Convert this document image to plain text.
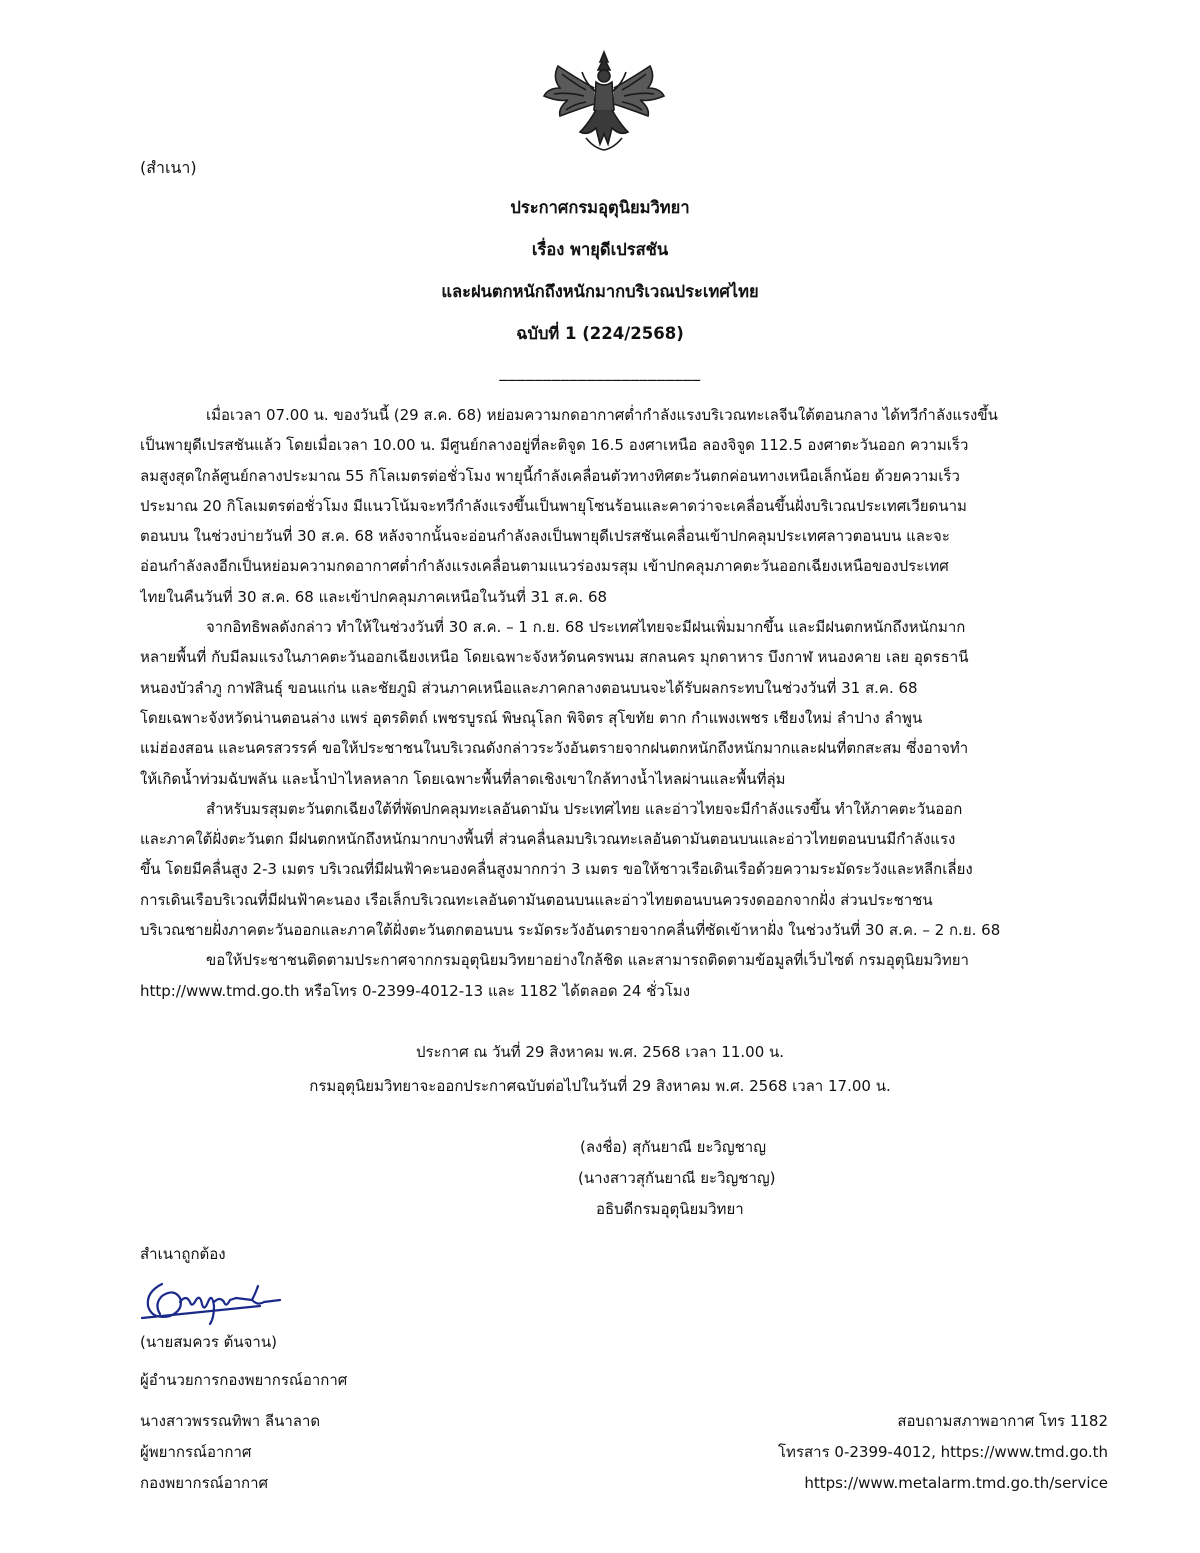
(สำเนา)
ประกาศกรมอุตุนิยมวิทยา
เรื่อง พายุดีเปรสชัน
และฝนตกหนักถึงหนักมากบริเวณประเทศไทย
ฉบับที่ 1 (224/2568)
_______________________

เมื่อเวลา 07.00 น. ของวันนี้ (29 ส.ค. 68) หย่อมความกดอากาศต่ำกำลังแรงบริเวณทะเลจีนใต้ตอนกลาง ได้ทวีกำลังแรงขึ้น
เป็นพายุดีเปรสชันแล้ว โดยเมื่อเวลา 10.00 น. มีศูนย์กลางอยู่ที่ละติจูด 16.5 องศาเหนือ ลองจิจูด 112.5 องศาตะวันออก ความเร็ว
ลมสูงสุดใกล้ศูนย์กลางประมาณ 55 กิโลเมตรต่อชั่วโมง พายุนี้กำลังเคลื่อนตัวทางทิศตะวันตกค่อนทางเหนือเล็กน้อย ด้วยความเร็ว
ประมาณ 20 กิโลเมตรต่อชั่วโมง มีแนวโน้มจะทวีกำลังแรงขึ้นเป็นพายุโซนร้อนและคาดว่าจะเคลื่อนขึ้นฝั่งบริเวณประเทศเวียดนาม
ตอนบน ในช่วงบ่ายวันที่ 30 ส.ค. 68 หลังจากนั้นจะอ่อนกำลังลงเป็นพายุดีเปรสชันเคลื่อนเข้าปกคลุมประเทศลาวตอนบน และจะ
อ่อนกำลังลงอีกเป็นหย่อมความกดอากาศต่ำกำลังแรงเคลื่อนตามแนวร่องมรสุม เข้าปกคลุมภาคตะวันออกเฉียงเหนือของประเทศ
ไทยในคืนวันที่ 30 ส.ค. 68 และเข้าปกคลุมภาคเหนือในวันที่ 31 ส.ค. 68

จากอิทธิพลดังกล่าว ทำให้ในช่วงวันที่ 30 ส.ค. – 1 ก.ย. 68 ประเทศไทยจะมีฝนเพิ่มมากขึ้น และมีฝนตกหนักถึงหนักมาก
หลายพื้นที่ กับมีลมแรงในภาคตะวันออกเฉียงเหนือ โดยเฉพาะจังหวัดนครพนม สกลนคร มุกดาหาร บึงกาฬ หนองคาย เลย อุดรธานี
หนองบัวลำภู กาฬสินธุ์ ขอนแก่น และชัยภูมิ ส่วนภาคเหนือและภาคกลางตอนบนจะได้รับผลกระทบในช่วงวันที่ 31 ส.ค. 68
โดยเฉพาะจังหวัดน่านตอนล่าง แพร่ อุตรดิตถ์ เพชรบูรณ์ พิษณุโลก พิจิตร สุโขทัย ตาก กำแพงเพชร เชียงใหม่ ลำปาง ลำพูน
แม่ฮ่องสอน และนครสวรรค์ ขอให้ประชาชนในบริเวณดังกล่าวระวังอันตรายจากฝนตกหนักถึงหนักมากและฝนที่ตกสะสม ซึ่งอาจทำ
ให้เกิดน้ำท่วมฉับพลัน และน้ำป่าไหลหลาก โดยเฉพาะพื้นที่ลาดเชิงเขาใกล้ทางน้ำไหลผ่านและพื้นที่ลุ่ม

สำหรับมรสุมตะวันตกเฉียงใต้ที่พัดปกคลุมทะเลอันดามัน ประเทศไทย และอ่าวไทยจะมีกำลังแรงขึ้น ทำให้ภาคตะวันออก
และภาคใต้ฝั่งตะวันตก มีฝนตกหนักถึงหนักมากบางพื้นที่ ส่วนคลื่นลมบริเวณทะเลอันดามันตอนบนและอ่าวไทยตอนบนมีกำลังแรง
ขึ้น โดยมีคลื่นสูง 2-3 เมตร บริเวณที่มีฝนฟ้าคะนองคลื่นสูงมากกว่า 3 เมตร ขอให้ชาวเรือเดินเรือด้วยความระมัดระวังและหลีกเลี่ยง
การเดินเรือบริเวณที่มีฝนฟ้าคะนอง เรือเล็กบริเวณทะเลอันดามันตอนบนและอ่าวไทยตอนบนควรงดออกจากฝั่ง ส่วนประชาชน
บริเวณชายฝั่งภาคตะวันออกและภาคใต้ฝั่งตะวันตกตอนบน ระมัดระวังอันตรายจากคลื่นที่ซัดเข้าหาฝั่ง ในช่วงวันที่ 30 ส.ค. – 2 ก.ย. 68

ขอให้ประชาชนติดตามประกาศจากกรมอุตุนิยมวิทยาอย่างใกล้ชิด และสามารถติดตามข้อมูลที่เว็บไซต์ กรมอุตุนิยมวิทยา
http://www.tmd.go.th หรือโทร 0-2399-4012-13 และ 1182 ได้ตลอด 24 ชั่วโมง

ประกาศ ณ วันที่ 29 สิงหาคม พ.ศ. 2568 เวลา 11.00 น.
กรมอุตุนิยมวิทยาจะออกประกาศฉบับต่อไปในวันที่ 29 สิงหาคม พ.ศ. 2568 เวลา 17.00 น.
(ลงชื่อ) สุกันยาณี ยะวิญชาญ
(นางสาวสุกันยาณี ยะวิญชาญ)
อธิบดีกรมอุตุนิยมวิทยา
สำเนาถูกต้อง
(นายสมควร ต้นจาน)
ผู้อำนวยการกองพยากรณ์อากาศ
นางสาวพรรณทิพา ลีนาลาด
ผู้พยากรณ์อากาศ
กองพยากรณ์อากาศ
สอบถามสภาพอากาศ โทร 1182
โทรสาร 0-2399-4012, https://www.tmd.go.th
https://www.metalarm.tmd.go.th/service
